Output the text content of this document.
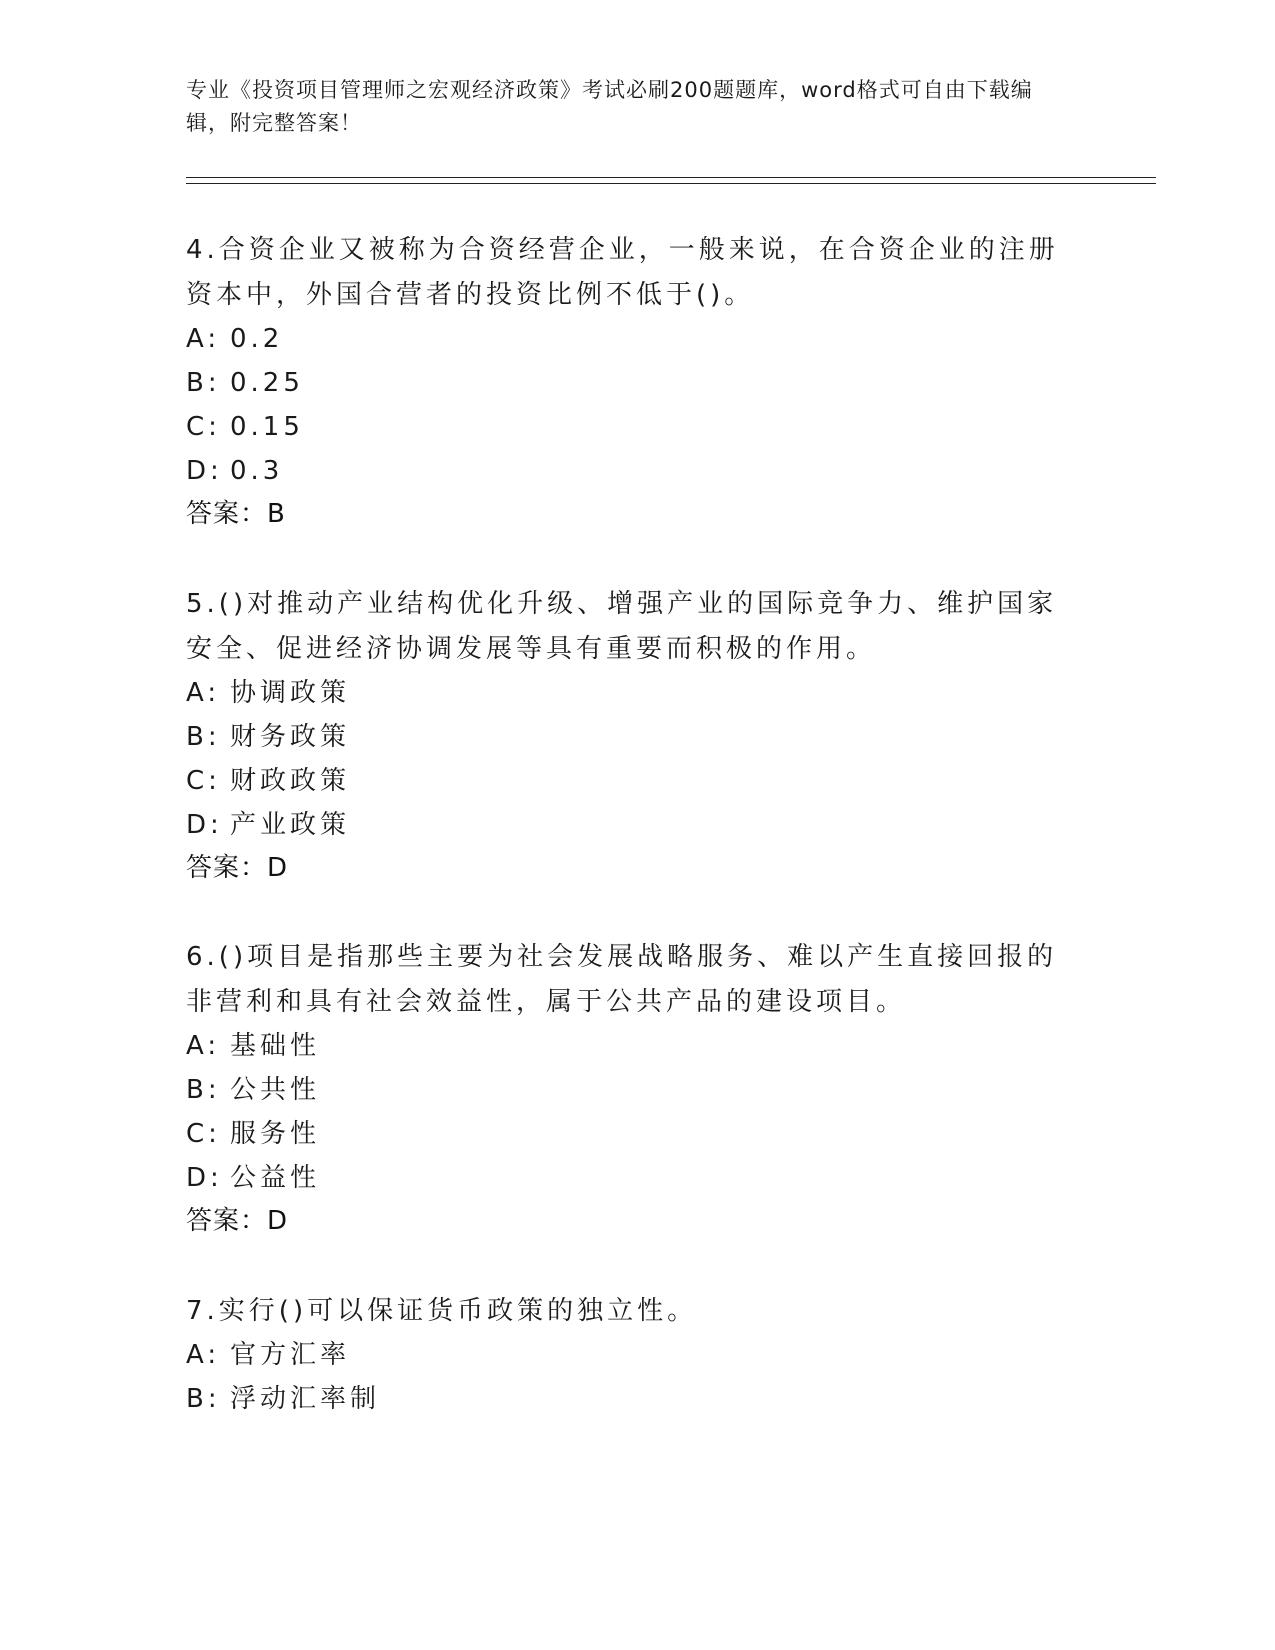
专业《投资项目管理师之宏观经济政策》考试必刷200题题库，word格式可自由下载编辑，附完整答案！
4.合资企业又被称为合资经营企业，一般来说，在合资企业的注册资本中，外国合营者的投资比例不低于()。
A: 0.2
B: 0.25
C: 0.15
D: 0.3
答案：B
5.()对推动产业结构优化升级、增强产业的国际竞争力、维护国家安全、促进经济协调发展等具有重要而积极的作用。
A: 协调政策
B: 财务政策
C: 财政政策
D: 产业政策
答案：D
6.()项目是指那些主要为社会发展战略服务、难以产生直接回报的非营利和具有社会效益性，属于公共产品的建设项目。
A: 基础性
B: 公共性
C: 服务性
D: 公益性
答案：D
7.实行()可以保证货币政策的独立性。
A: 官方汇率
B: 浮动汇率制
